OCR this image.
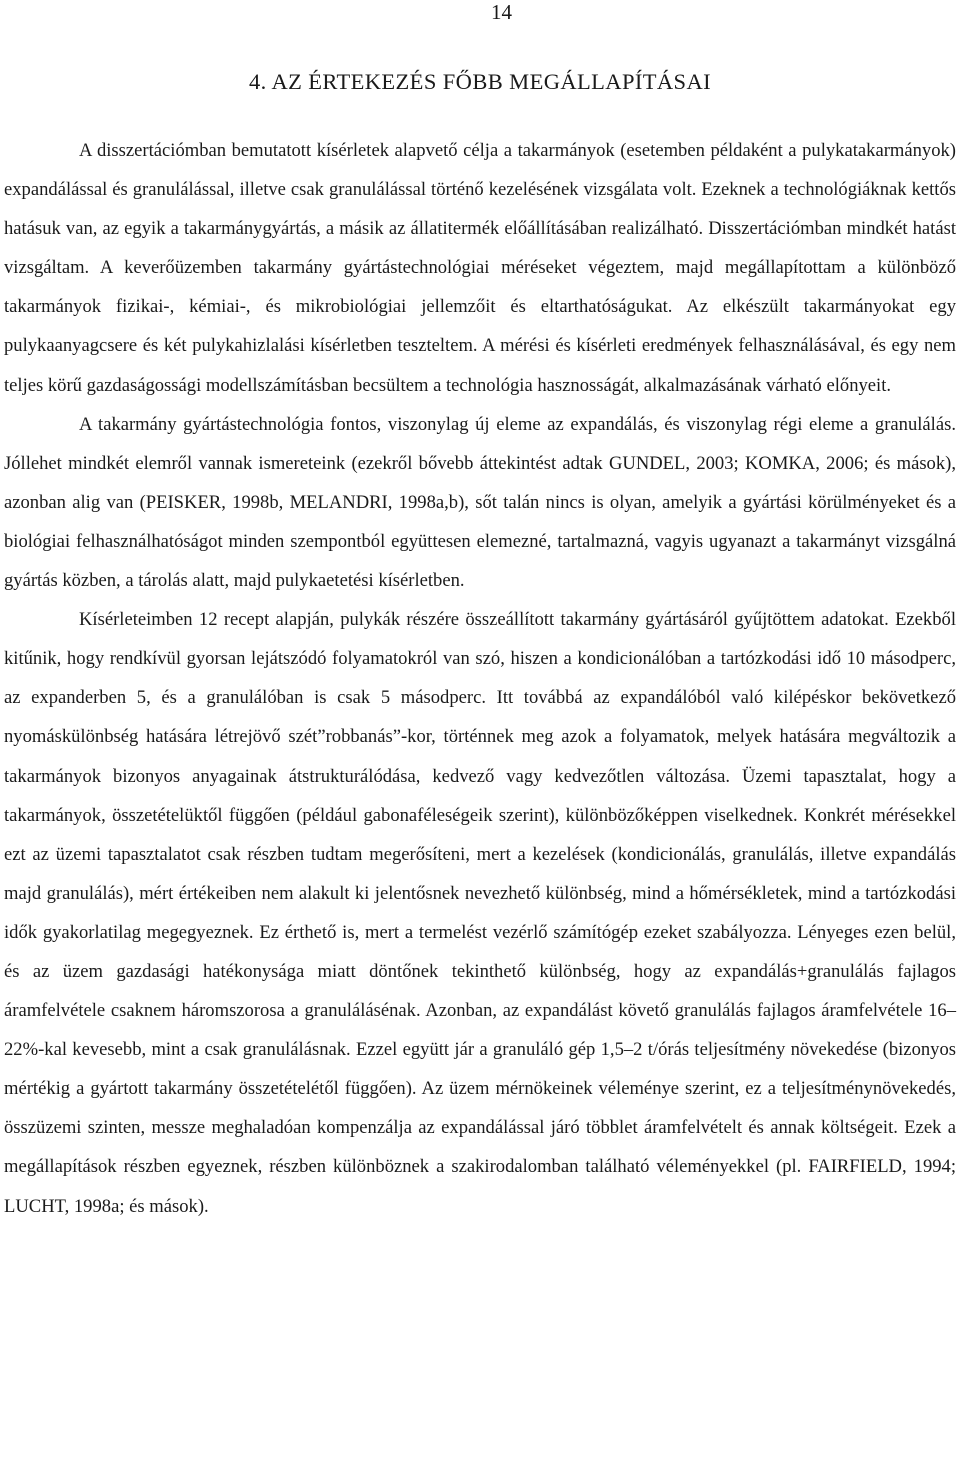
14
4. AZ ÉRTEKEZÉS FŐBB MEGÁLLAPÍTÁSAI

A disszertációmban bemutatott kísérletek alapvető célja a takarmányok (esetemben példaként a pulykatakarmányok) expandálással és granulálással, illetve csak granulálással történő kezelésének vizsgálata volt. Ezeknek a technológiáknak kettős hatásuk van, az egyik a takarmánygyártás, a másik az állatitermék előállításában realizálható. Disszertációmban mindkét hatást vizsgáltam. A keverőüzemben takarmány gyártástechnológiai méréseket végeztem, majd megállapítottam a különböző takarmányok fizikai-, kémiai-, és mikrobiológiai jellemzőit és eltarthatóságukat. Az elkészült takarmányokat egy pulykaanyagcsere és két pulykahizlalási kísérletben teszteltem. A mérési és kísérleti eredmények felhasználásával, és egy nem teljes körű gazdaságossági modellszámításban becsültem a technológia hasznosságát, alkalmazásának várható előnyeit.

A takarmány gyártástechnológia fontos, viszonylag új eleme az expandálás, és viszonylag régi eleme a granulálás. Jóllehet mindkét elemről vannak ismereteink (ezekről bővebb áttekintést adtak GUNDEL, 2003; KOMKA, 2006; és mások), azonban alig van (PEISKER, 1998b, MELANDRI, 1998a,b), sőt talán nincs is olyan, amelyik a gyártási körülményeket és a biológiai felhasználhatóságot minden szempontból együttesen elemezné, tartalmazná, vagyis ugyanazt a takarmányt vizsgálná gyártás közben, a tárolás alatt, majd pulykaetetési kísérletben.

Kísérleteimben 12 recept alapján, pulykák részére összeállított takarmány gyártásáról gyűjtöttem adatokat. Ezekből kitűnik, hogy rendkívül gyorsan lejátszódó folyamatokról van szó, hiszen a kondicionálóban a tartózkodási idő 10 másodperc, az expanderben 5, és a granulálóban is csak 5 másodperc. Itt továbbá az expandálóból való kilépéskor bekövetkező nyomáskülönbség hatására létrejövő szét”robbanás”-kor, történnek meg azok a folyamatok, melyek hatására megváltozik a takarmányok bizonyos anyagainak átstrukturálódása, kedvező vagy kedvezőtlen változása. Üzemi tapasztalat, hogy a takarmányok, összetételüktől függően (például gabonaféleségeik szerint), különbözőképpen viselkednek. Konkrét mérésekkel ezt az üzemi tapasztalatot csak részben tudtam megerősíteni, mert a kezelések (kondicionálás, granulálás, illetve expandálás majd granulálás), mért értékeiben nem alakult ki jelentősnek nevezhető különbség, mind a hőmérsékletek, mind a tartózkodási idők gyakorlatilag megegyeznek. Ez érthető is, mert a termelést vezérlő számítógép ezeket szabályozza. Lényeges ezen belül, és az üzem gazdasági hatékonysága miatt döntőnek tekinthető különbség, hogy az expandálás+granulálás fajlagos áramfelvétele csaknem háromszorosa a granulálásénak. Azonban, az expandálást követő granulálás fajlagos áramfelvétele 16–22%-kal kevesebb, mint a csak granulálásnak. Ezzel együtt jár a granuláló gép 1,5–2 t/órás teljesítmény növekedése (bizonyos mértékig a gyártott takarmány összetételétől függően). Az üzem mérnökeinek véleménye szerint, ez a teljesítménynövekedés, összüzemi szinten, messze meghaladóan kompenzálja az expandálással járó többlet áramfelvételt és annak költségeit. Ezek a megállapítások részben egyeznek, részben különböznek a szakirodalomban található véleményekkel (pl. FAIRFIELD, 1994; LUCHT, 1998a; és mások).
